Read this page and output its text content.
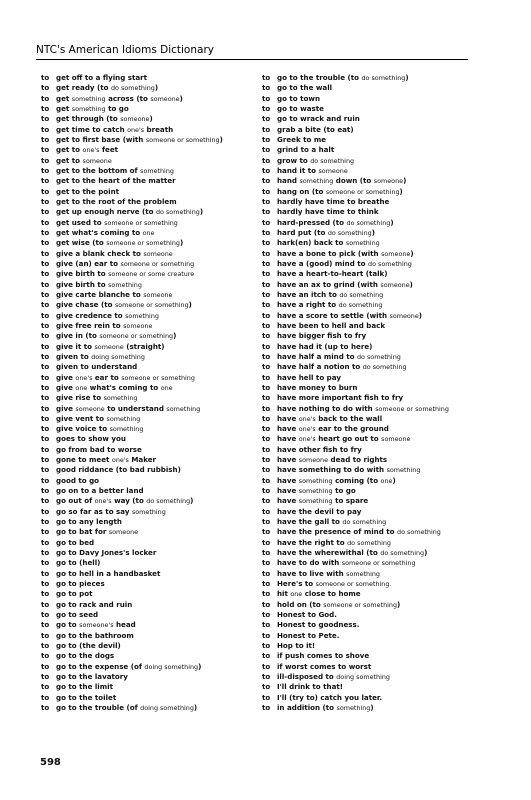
NTC's American Idioms Dictionary
to get off to a flying start
to get ready (to do something)
to get something across (to someone)
to get something to go
to get through (to someone)
to get time to catch one's breath
to get to first base (with someone or something)
to get to one's feet
to get to someone
to get to the bottom of something
to get to the heart of the matter
to get to the point
to get to the root of the problem
to get up enough nerve (to do something)
to get used to someone or something
to get what's coming to one
to get wise (to someone or something)
to give a blank check to someone
to give (an) ear to someone or something
to give birth to someone or some creature
to give birth to something
to give carte blanche to someone
to give chase (to someone or something)
to give credence to something
to give free rein to someone
to give in (to someone or something)
to give it to someone (straight)
to given to doing something
to given to understand
to give one's ear to someone or something
to give one what's coming to one
to give rise to something
to give someone to understand something
to give vent to something
to give voice to something
to goes to show you
to go from bad to worse
to gone to meet one's Maker
to good riddance (to bad rubbish)
to good to go
to go on to a better land
to go out of one's way (to do something)
to go so far as to say something
to go to any length
to go to bat for someone
to go to bed
to go to Davy Jones's locker
to go to (hell)
to go to hell in a handbasket
to go to pieces
to go to pot
to go to rack and ruin
to go to seed
to go to someone's head
to go to the bathroom
to go to (the devil)
to go to the dogs
to go to the expense (of doing something)
to go to the lavatory
to go to the limit
to go to the toilet
to go to the trouble (of doing something)
to go to the trouble (to do something)
to go to the wall
to go to town
to go to waste
to go to wrack and ruin
to grab a bite (to eat)
to Greek to me
to grind to a halt
to grow to do something
to hand it to someone
to hand something down (to someone)
to hang on (to someone or something)
to hardly have time to breathe
to hardly have time to think
to hard-pressed (to do something)
to hard put (to do something)
to hark(en) back to something
to have a bone to pick (with someone)
to have a (good) mind to do something
to have a heart-to-heart (talk)
to have an ax to grind (with someone)
to have an itch to do something
to have a right to do something
to have a score to settle (with someone)
to have been to hell and back
to have bigger fish to fry
to have had it (up to here)
to have half a mind to do something
to have half a notion to do something
to have hell to pay
to have money to burn
to have more important fish to fry
to have nothing to do with someone or something
to have one's back to the wall
to have one's ear to the ground
to have one's heart go out to someone
to have other fish to fry
to have someone dead to rights
to have something to do with something
to have something coming (to one)
to have something to go
to have something to spare
to have the devil to pay
to have the gall to do something
to have the presence of mind to do something
to have the right to do something
to have the wherewithal (to do something)
to have to do with someone or something
to have to live with something
to Here's to someone or something.
to hit one close to home
to hold on (to someone or something)
to Honest to God.
to Honest to goodness.
to Honest to Pete.
to Hop to it!
to if push comes to shove
to if worst comes to worst
to ill-disposed to doing something
to I'll drink to that!
to I'll (try to) catch you later.
to in addition (to something)
598
